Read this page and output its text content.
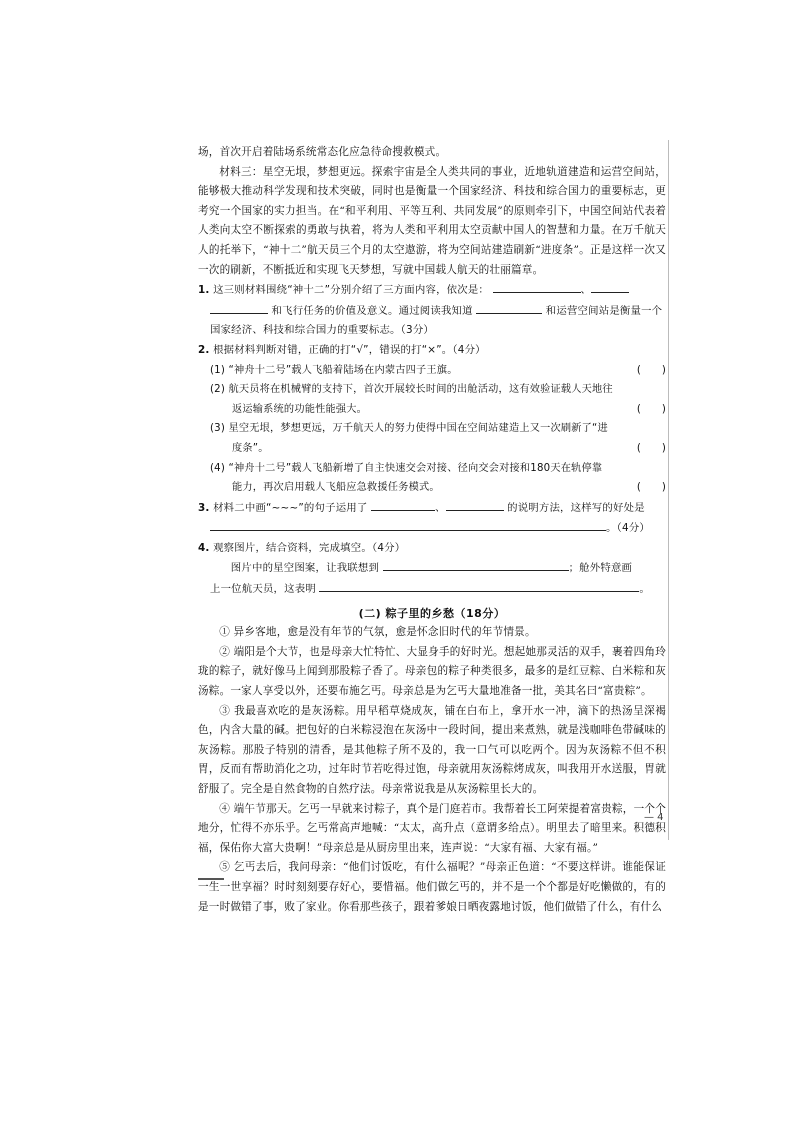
场，首次开启着陆场系统常态化应急待命搜救模式。

材料三：星空无垠，梦想更远。探索宇宙是全人类共同的事业，近地轨道建造和运营空间站，能够极大推动科学发现和技术突破，同时也是衡量一个国家经济、科技和综合国力的重要标志，更考究一个国家的实力担当。在“和平利用、平等互利、共同发展”的原则牵引下，中国空间站代表着人类向太空不断探索的勇敢与执着，将为人类和平利用太空贡献中国人的智慧和力量。在万千航天人的托举下，“神十二”航天员三个月的太空遨游，将为空间站建造刷新“进度条”。正是这样一次又一次的刷新，不断抵近和实现飞天梦想，写就中国载人航天的壮丽篇章。

1. 这三则材料围绕“神十二”分别介绍了三方面内容，依次是：	、

和飞行任务的价值及意义。通过阅读我知道	和运营空间站是衡量一个国家经济、科技和综合国力的重要标志。（3分）

2. 根据材料判断对错，正确的打“√”，错误的打“×”。（4分）

(1) “神舟十二号”载人飞船着陆场在内蒙古四子王旗。	(　　)

(2) 航天员将在机械臂的支持下，首次开展较长时间的出舱活动，这有效验证载人天地往

返运输系统的功能性能强大。	(　　)

(3) 星空无垠，梦想更远，万千航天人的努力使得中国在空间站建造上又一次刷新了“进

度条”。	(　　)

(4) “神舟十二号”载人飞船新增了自主快速交会对接、径向交会对接和180天在轨停靠

能力，再次启用载人飞船应急救援任务模式。	(　　)

3. 材料二中画“~~~”的句子运用了	、	的说明方法，这样写的好处是

。（4分）

4. 观察图片，结合资料，完成填空。（4分）

图片中的星空图案，让我联想到	；舱外特意画

上一位航天员，这表明	。

(二) 粽子里的乡愁（18分）

① 异乡客地，愈是没有年节的气氛，愈是怀念旧时代的年节情景。

② 端阳是个大节，也是母亲大忙特忙、大显身手的好时光。想起她那灵活的双手，裹着四角玲珑的粽子，就好像马上闻到那股粽子香了。母亲包的粽子种类很多，最多的是红豆粽、白米粽和灰汤粽。一家人享受以外，还要布施乞丐。母亲总是为乞丐大量地准备一批，美其名曰“富贵粽”。

③ 我最喜欢吃的是灰汤粽。用早稻草烧成灰，铺在白布上，拿开水一冲，滴下的热汤呈深褐色，内含大量的碱。把包好的白米粽浸泡在灰汤中一段时间，提出来煮熟，就是浅咖啡色带碱味的灰汤粽。那股子特别的清香，是其他粽子所不及的，我一口气可以吃两个。因为灰汤粽不但不积胃，反而有帮助消化之功，过年时节若吃得过饱，母亲就用灰汤粽烤成灰，叫我用开水送服，胃就舒服了。完全是自然食物的自然疗法。母亲常说我是从灰汤粽里长大的。

④ 端午节那天。乞丐一早就来讨粽子，真个是门庭若市。我帮着长工阿荣提着富贵粽，一个个地分，忙得不亦乐乎。乞丐常高声地喊：“太太，高升点（意谓多给点）。明里去了暗里来。积德积福，保佑你大富大贵啊！”母亲总是从厨房里出来，连声说：“大家有福、大家有福。”

⑤ 乞丐去后，我问母亲：“他们讨饭吃，有什么福呢？”母亲正色道：“不要这样讲。谁能保证一生一世享福？时时刻刻要存好心，要惜福。他们做乞丐的，并不是一个个都是好吃懒做的，有的是一时做错了事，败了家业。你看那些孩子，跟着爹娘日晒夜露地讨饭，他们做错了什么，有什么

— 4
